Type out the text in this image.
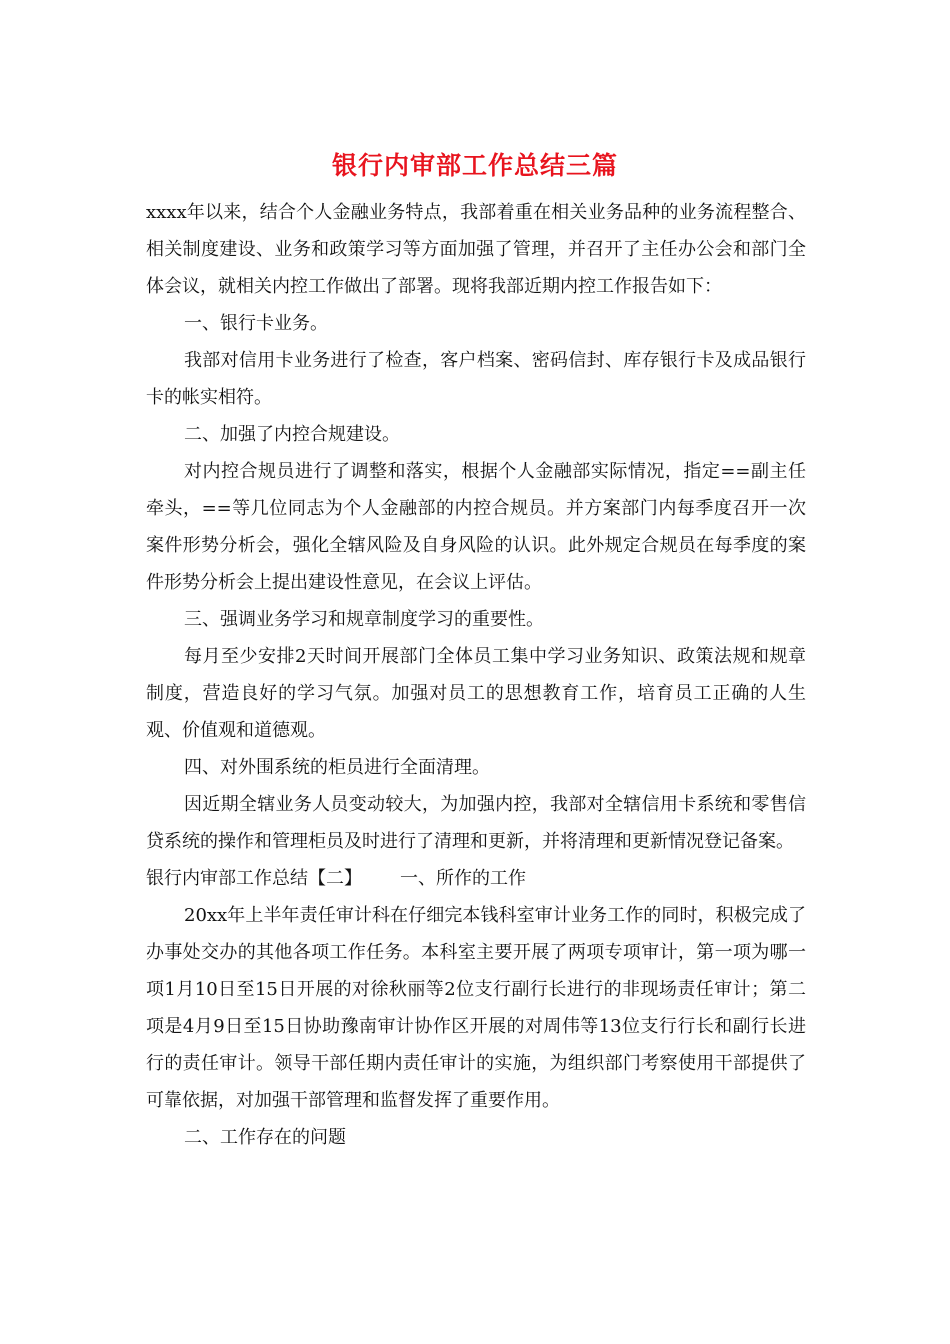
银行内审部工作总结三篇

xxxx年以来，结合个人金融业务特点，我部着重在相关业务品种的业务流程整合、相关制度建设、业务和政策学习等方面加强了管理，并召开了主任办公会和部门全体会议，就相关内控工作做出了部署。现将我部近期内控工作报告如下：

一、银行卡业务。

我部对信用卡业务进行了检查，客户档案、密码信封、库存银行卡及成品银行卡的帐实相符。

二、加强了内控合规建设。

对内控合规员进行了调整和落实，根据个人金融部实际情况，指定==副主任牵头，==等几位同志为个人金融部的内控合规员。并方案部门内每季度召开一次案件形势分析会，强化全辖风险及自身风险的认识。此外规定合规员在每季度的案件形势分析会上提出建设性意见，在会议上评估。

三、强调业务学习和规章制度学习的重要性。

每月至少安排2天时间开展部门全体员工集中学习业务知识、政策法规和规章制度，营造良好的学习气氛。加强对员工的思想教育工作，培育员工正确的人生观、价值观和道德观。

四、对外围系统的柜员进行全面清理。

因近期全辖业务人员变动较大，为加强内控，我部对全辖信用卡系统和零售信贷系统的操作和管理柜员及时进行了清理和更新，并将清理和更新情况登记备案。

银行内审部工作总结【二】 一、所作的工作

20xx年上半年责任审计科在仔细完本钱科室审计业务工作的同时，积极完成了办事处交办的其他各项工作任务。本科室主要开展了两项专项审计，第一项为哪一项1月10日至15日开展的对徐秋丽等2位支行副行长进行的非现场责任审计；第二项是4月9日至15日协助豫南审计协作区开展的对周伟等13位支行行长和副行长进行的责任审计。领导干部任期内责任审计的实施，为组织部门考察使用干部提供了可靠依据，对加强干部管理和监督发挥了重要作用。

二、工作存在的问题
